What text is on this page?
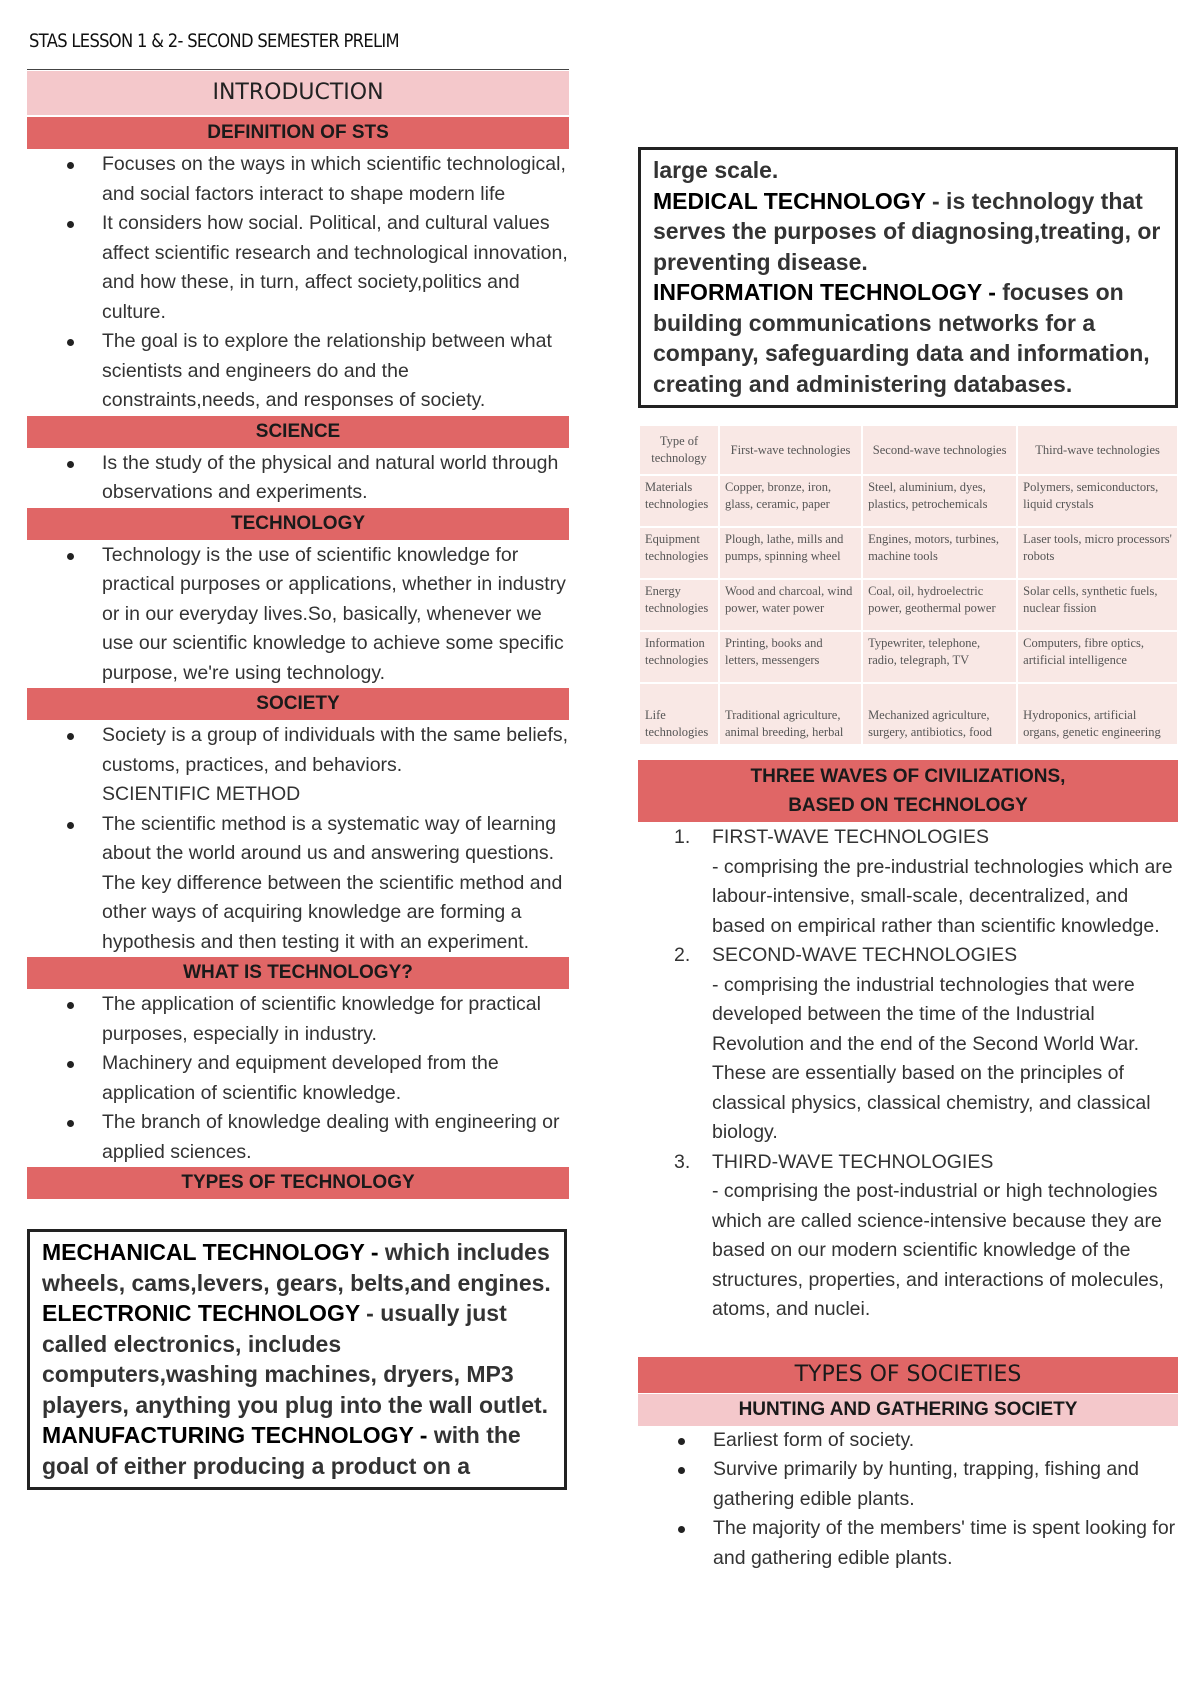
STAS LESSON 1 & 2- SECOND SEMESTER PRELIM
INTRODUCTION
DEFINITION OF STS
Focuses on the ways in which scientific technological, and social factors interact to shape modern life
It considers how social. Political, and cultural values affect scientific research and technological innovation, and how these, in turn, affect society,politics and culture.
The goal is to explore the relationship between what scientists and engineers do and the constraints,needs, and responses of society.
SCIENCE
Is the study of the physical and natural world through observations and experiments.
TECHNOLOGY
Technology is the use of scientific knowledge for practical purposes or applications, whether in industry or in our everyday lives.So, basically, whenever we use our scientific knowledge to achieve some specific purpose, we're using technology.
SOCIETY
Society is a group of individuals with the same beliefs, customs, practices, and behaviors.
SCIENTIFIC METHOD
The scientific method is a systematic way of learning about the world around us and answering questions. The key difference between the scientific method and other ways of acquiring knowledge are forming a hypothesis and then testing it with an experiment.
WHAT IS TECHNOLOGY?
The application of scientific knowledge for practical purposes, especially in industry.
Machinery and equipment developed from the application of scientific knowledge.
The branch of knowledge dealing with engineering or applied sciences.
TYPES OF TECHNOLOGY
MECHANICAL TECHNOLOGY - which includes wheels, cams,levers, gears, belts,and engines.
ELECTRONIC TECHNOLOGY - usually just called electronics, includes computers,washing machines, dryers, MP3 players, anything you plug into the wall outlet.
MANUFACTURING TECHNOLOGY - with the goal of either producing a product on a
large scale.
MEDICAL TECHNOLOGY - is technology that serves the purposes of diagnosing,treating, or preventing disease.
INFORMATION TECHNOLOGY - focuses on building communications networks for a company, safeguarding data and information, creating and administering databases.
Type of technology	First-wave technologies	Second-wave technologies	Third-wave technologies
Materials technologies	Copper, bronze, iron, glass, ceramic, paper	Steel, aluminium, dyes, plastics, petrochemicals	Polymers, semiconductors, liquid crystals
Equipment technologies	Plough, lathe, mills and pumps, spinning wheel	Engines, motors, turbines, machine tools	Laser tools, micro processors' robots
Energy technologies	Wood and charcoal, wind power, water power	Coal, oil, hydroelectric power, geothermal power	Solar cells, synthetic fuels, nuclear fission
Information technologies	Printing, books and letters, messengers	Typewriter, telephone, radio, telegraph, TV	Computers, fibre optics, artificial intelligence
Life technologies	Traditional agriculture, animal breeding, herbal	Mechanized agriculture, surgery, antibiotics, food	Hydroponics, artificial organs, genetic engineering
THREE WAVES OF CIVILIZATIONS,
BASED ON TECHNOLOGY
1. FIRST-WAVE TECHNOLOGIES
- comprising the pre-industrial technologies which are labour-intensive, small-scale, decentralized, and based on empirical rather than scientific knowledge.
2. SECOND-WAVE TECHNOLOGIES
- comprising the industrial technologies that were developed between the time of the Industrial Revolution and the end of the Second World War. These are essentially based on the principles of classical physics, classical chemistry, and classical biology.
3. THIRD-WAVE TECHNOLOGIES
- comprising the post-industrial or high technologies which are called science-intensive because they are based on our modern scientific knowledge of the structures, properties, and interactions of molecules, atoms, and nuclei.
TYPES OF SOCIETIES
HUNTING AND GATHERING SOCIETY
Earliest form of society.
Survive primarily by hunting, trapping, fishing and gathering edible plants.
The majority of the members' time is spent looking for and gathering edible plants.
